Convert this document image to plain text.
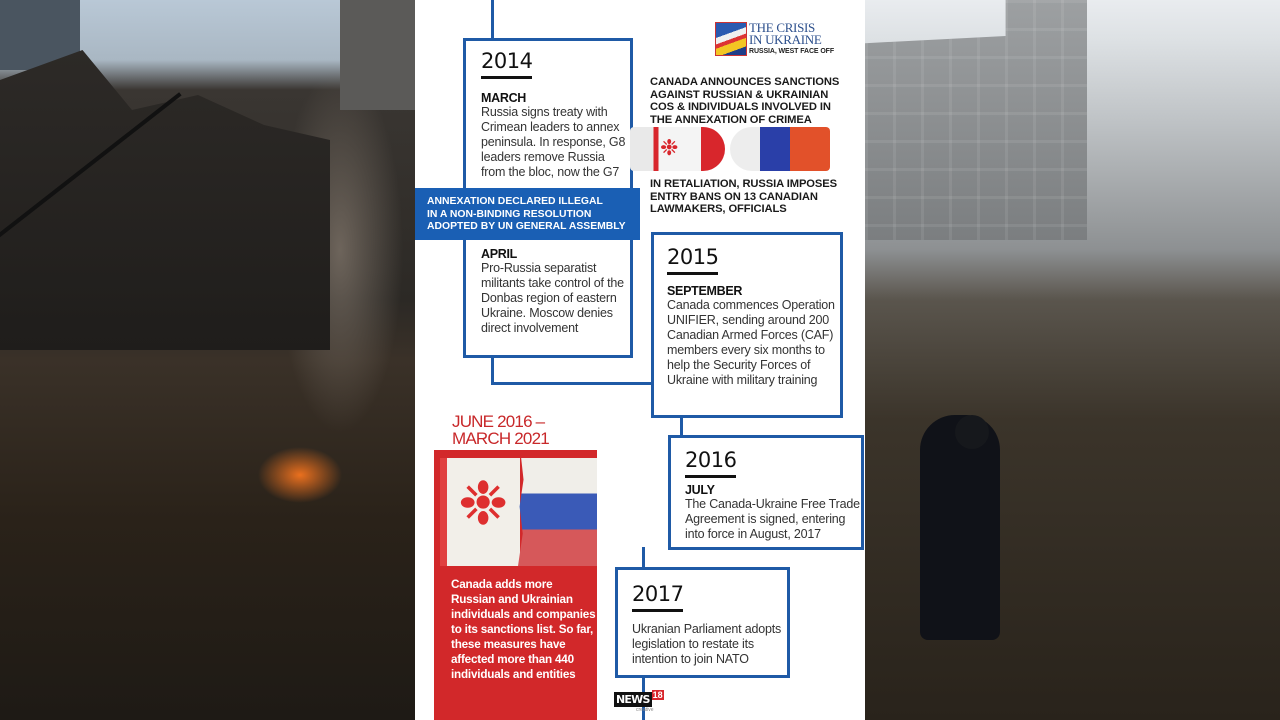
2014
MARCH
Russia signs treaty with Crimean leaders to annex peninsula. In response, G8 leaders remove Russia from the bloc, now the G7
APRIL
Pro-Russia separatist militants take control of the Donbas region of eastern Ukraine. Moscow denies direct involvement
ANNEXATION DECLARED ILLEGAL
IN A NON-BINDING RESOLUTION
ADOPTED BY UN GENERAL ASSEMBLY
THE CRISIS
IN UKRAINE
RUSSIA, WEST FACE OFF
CANADA ANNOUNCES SANCTIONS
AGAINST RUSSIAN & UKRAINIAN
COS & INDIVIDUALS INVOLVED IN
THE ANNEXATION OF CRIMEA
❉
IN RETALIATION, RUSSIA IMPOSES
ENTRY BANS ON 13 CANADIAN
LAWMAKERS, OFFICIALS
2015
SEPTEMBER
Canada commences Operation UNIFIER, sending around 200 Canadian Armed Forces (CAF) members every six months to help the Security Forces of Ukraine with military training
2016
JULY
The Canada-Ukraine Free Trade Agreement is signed, entering into force in August, 2017
2017
Ukranian Parliament adopts legislation to restate its intention to join NATO
JUNE 2016 –
MARCH 2021
❉
Canada adds more Russian and Ukrainian individuals and companies to its sanctions list. So far, these measures have affected more than 440 individuals and entities
NEWS 18
creative
